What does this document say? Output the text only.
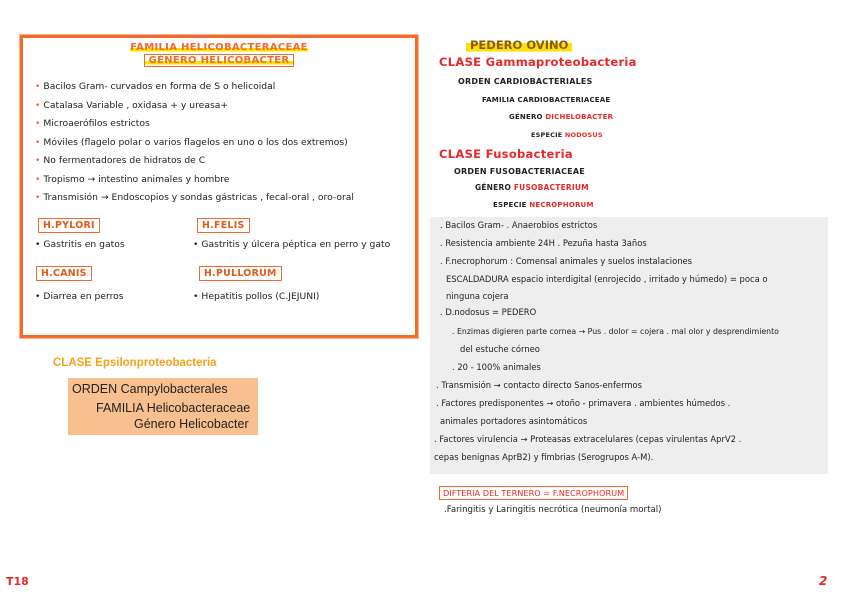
FAMILIA HELICOBACTERACEAE
GÉNERO HELICOBACTER
• Bacilos Gram- curvados en forma de S o helicoidal
• Catalasa Variable , oxidasa + y ureasa+
• Microaerófilos estrictos
• Móviles (flagelo polar o varios flagelos en uno o los dos extremos)
• No fermentadores de hidratos de C
• Tropismo → intestino animales y hombre
• Transmisión → Endoscopios y sondas gástricas , fecal-oral , oro-oral
H.PYLORI
• Gastritis en gatos
H.FELIS
• Gastritis y úlcera péptica en perro y gato
H.CANIS
• Diarrea en perros
H.PULLORUM
• Hepatitis pollos (C.JEJUNI)
CLASE Epsilonproteobacteria
ORDEN Campylobacterales
FAMILIA Helicobacteraceae
Género Helicobacter
PEDERO OVINO
CLASE Gammaproteobacteria
ORDEN CARDIOBACTERIALES
FAMILIA CARDIOBACTERIACEAE
GÉNERO DICHELOBACTER
ESPECIE NODOSUS
CLASE Fusobacteria
ORDEN FUSOBACTERIACEAE
GÉNERO FUSOBACTERIUM
ESPECIE NECROPHORUM
. Bacilos Gram- . Anaerobios estrictos
. Resistencia ambiente 24H . Pezuña hasta 3años
. F.necrophorum : Comensal animales y suelos instalaciones
ESCALDADURA espacio interdigital (enrojecido , irritado y húmedo) = poca o
ninguna cojera
. D.nodosus = PEDERO
. Enzimas digieren parte cornea → Pus . dolor = cojera . mal olor y desprendimiento
del estuche córneo
. 20 - 100% animales
. Transmisión → contacto directo Sanos-enfermos
. Factores predisponentes → otoño - primavera . ambientes húmedos .
animales portadores asintomáticos
. Factores virulencia → Proteasas extracelulares (cepas virulentas AprV2 .
cepas benignas AprB2) y fimbrias (Serogrupos A-M).
DIFTERIA DEL TERNERO = F.NECROPHORUM
.Faringitis y Laringitis necrótica (neumonía mortal)
T18	2
